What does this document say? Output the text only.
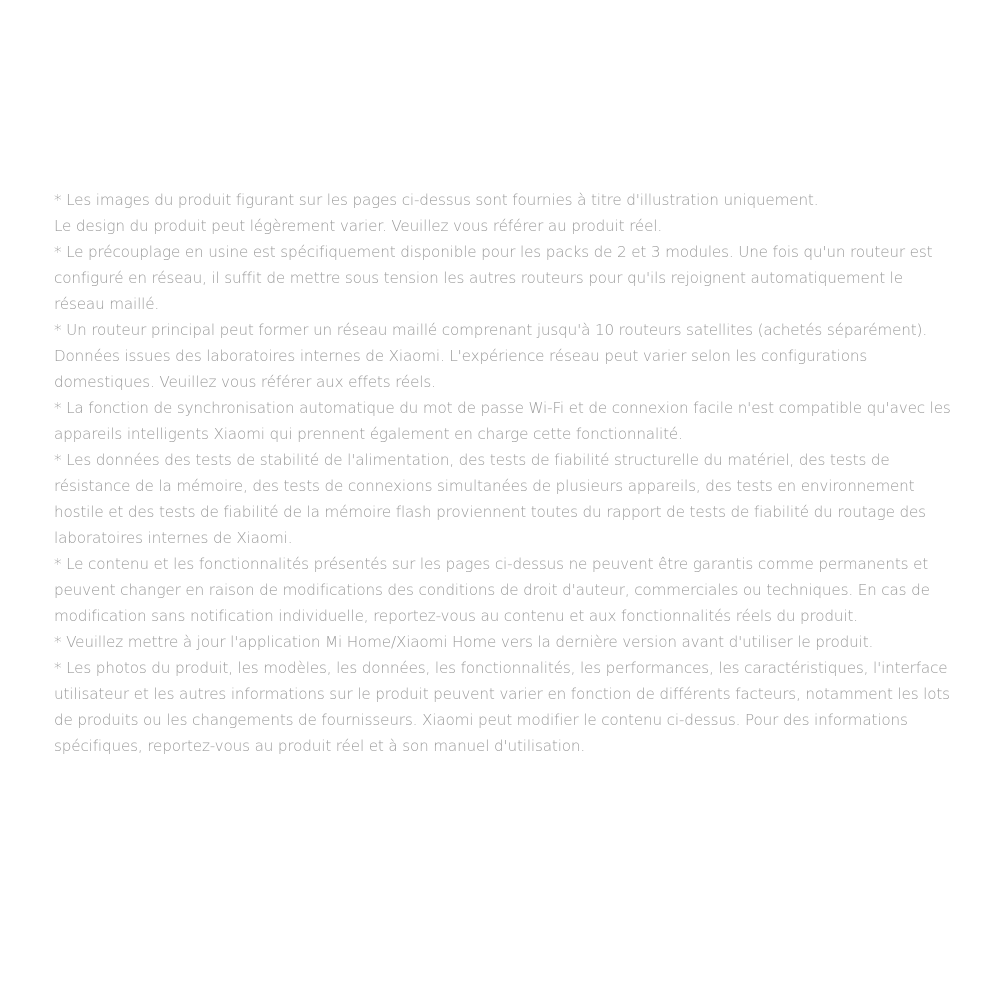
* Les images du produit figurant sur les pages ci-dessus sont fournies à titre d'illustration uniquement.

Le design du produit peut légèrement varier. Veuillez vous référer au produit réel.

* Le précouplage en usine est spécifiquement disponible pour les packs de 2 et 3 modules. Une fois qu'un routeur est configuré en réseau, il suffit de mettre sous tension les autres routeurs pour qu'ils rejoignent automatiquement le réseau maillé.

* Un routeur principal peut former un réseau maillé comprenant jusqu'à 10 routeurs satellites (achetés séparément). Données issues des laboratoires internes de Xiaomi. L'expérience réseau peut varier selon les configurations domestiques. Veuillez vous référer aux effets réels.

* La fonction de synchronisation automatique du mot de passe Wi-Fi et de connexion facile n'est compatible qu'avec les appareils intelligents Xiaomi qui prennent également en charge cette fonctionnalité.

* Les données des tests de stabilité de l'alimentation, des tests de fiabilité structurelle du matériel, des tests de résistance de la mémoire, des tests de connexions simultanées de plusieurs appareils, des tests en environnement hostile et des tests de fiabilité de la mémoire flash proviennent toutes du rapport de tests de fiabilité du routage des laboratoires internes de Xiaomi.

* Le contenu et les fonctionnalités présentés sur les pages ci-dessus ne peuvent être garantis comme permanents et peuvent changer en raison de modifications des conditions de droit d'auteur, commerciales ou techniques. En cas de modification sans notification individuelle, reportez-vous au contenu et aux fonctionnalités réels du produit.

* Veuillez mettre à jour l'application Mi Home/Xiaomi Home vers la dernière version avant d'utiliser le produit.

* Les photos du produit, les modèles, les données, les fonctionnalités, les performances, les caractéristiques, l'interface utilisateur et les autres informations sur le produit peuvent varier en fonction de différents facteurs, notamment les lots de produits ou les changements de fournisseurs. Xiaomi peut modifier le contenu ci-dessus. Pour des informations spécifiques, reportez-vous au produit réel et à son manuel d'utilisation.
